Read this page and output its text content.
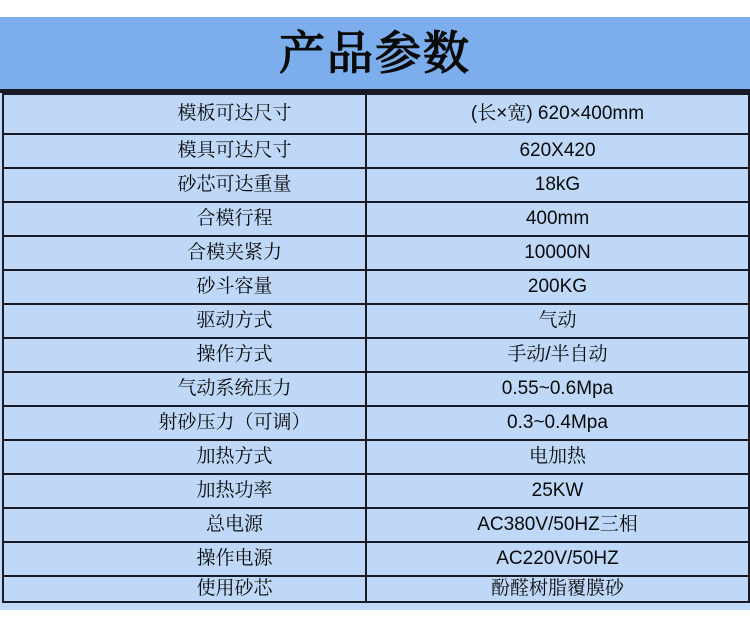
产品参数
模板可达尺寸	(长×宽) 620×400mm
模具可达尺寸	620X420
砂芯可达重量	18kG
合模行程	400mm
合模夹紧力	10000N
砂斗容量	200KG
驱动方式	气动
操作方式	手动/半自动
气动系统压力	0.55~0.6Mpa
射砂压力（可调）	0.3~0.4Mpa
加热方式	电加热
加热功率	25KW
总电源	AC380V/50HZ三相
操作电源	AC220V/50HZ
使用砂芯	酚醛树脂覆膜砂
